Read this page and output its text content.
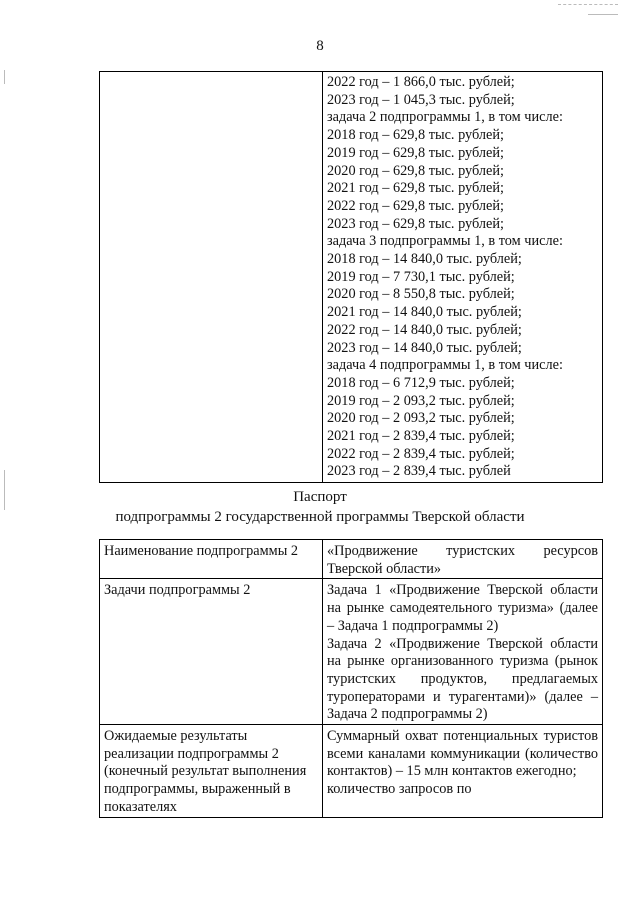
8

2022 год – 1 866,0 тыс. рублей;
2023 год – 1 045,3 тыс. рублей;
задача 2 подпрограммы 1, в том числе:
2018 год – 629,8 тыс. рублей;
2019 год – 629,8 тыс. рублей;
2020 год – 629,8 тыс. рублей;
2021 год – 629,8 тыс. рублей;
2022 год – 629,8 тыс. рублей;
2023 год – 629,8 тыс. рублей;
задача 3 подпрограммы 1, в том числе:
2018 год – 14 840,0 тыс. рублей;
2019 год – 7 730,1 тыс. рублей;
2020 год – 8 550,8 тыс. рублей;
2021 год – 14 840,0 тыс. рублей;
2022 год – 14 840,0 тыс. рублей;
2023 год – 14 840,0 тыс. рублей;
задача 4 подпрограммы 1, в том числе:
2018 год – 6 712,9 тыс. рублей;
2019 год – 2 093,2 тыс. рублей;
2020 год – 2 093,2 тыс. рублей;
2021 год – 2 839,4 тыс. рублей;
2022 год – 2 839,4 тыс. рублей;
2023 год – 2 839,4 тыс. рублей
Паспорт
подпрограммы 2 государственной программы Тверской области
Наименование подпрограммы 2	«Продвижение туристских ресурсов Тверской области»

Задачи подпрограммы 2	Задача 1 «Продвижение Тверской области на рынке самодеятельного туризма» (далее – Задача 1 подпрограммы 2)
Задача 2 «Продвижение Тверской области на рынке организованного туризма (рынок туристских продуктов, предлагаемых туроператорами и турагентами)» (далее – Задача 2 подпрограммы 2)

Ожидаемые результаты реализации подпрограммы 2 (конечный результат выполнения подпрограммы, выраженный в показателях	Суммарный охват потенциальных туристов всеми каналами коммуникации (количество контактов) – 15 млн контактов ежегодно;
количество запросов по
